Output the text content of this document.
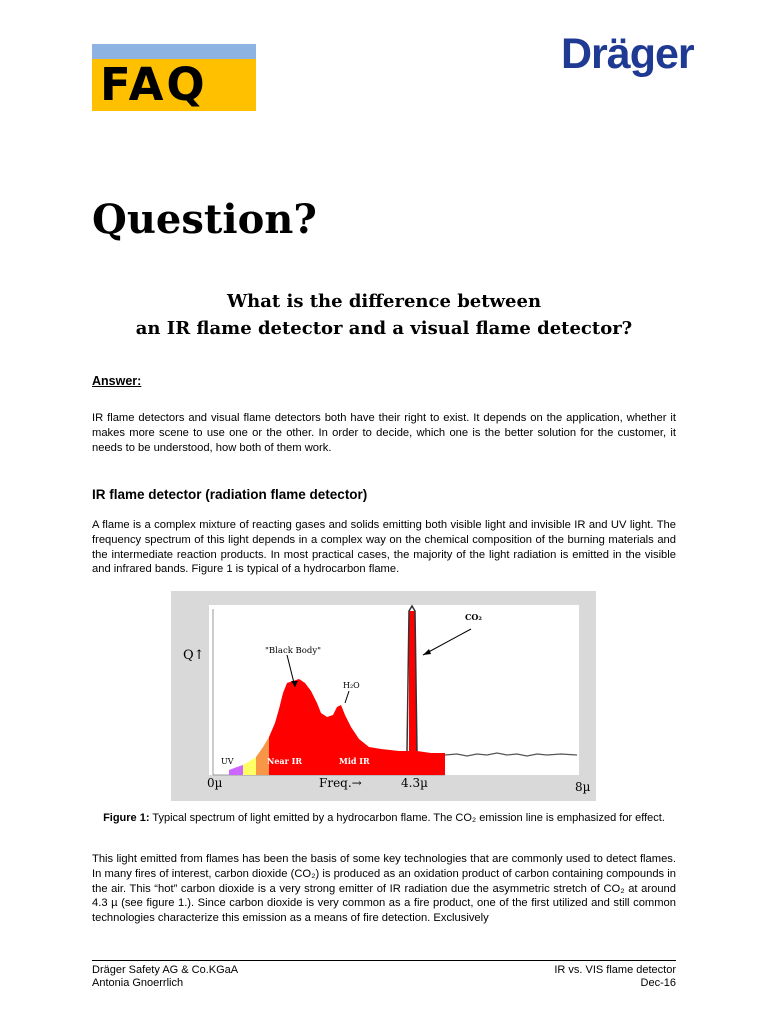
FAQ
Dräger
Question?
What is the difference between
an IR flame detector and a visual flame detector?
Answer:
IR flame detectors and visual flame detectors both have their right to exist. It depends on the application, whether it makes more scene to use one or the other. In order to decide, which one is the better solution for the customer, it needs to be understood, how both of them work.
IR flame detector (radiation flame detector)
A flame is a complex mixture of reacting gases and solids emitting both visible light and invisible IR and UV light. The frequency spectrum of this light depends in a complex way on the chemical composition of the burning materials and the intermediate reaction products. In most practical cases, the majority of the light radiation is emitted in the visible and infrared bands. Figure 1 is typical of a hydrocarbon flame.
Q↑	"Black Body"
H₂O
CO₂
UV	Near IR	Mid IR
0µ	Freq.→	4.3µ	8µ
Figure 1: Typical spectrum of light emitted by a hydrocarbon flame. The CO₂ emission line is emphasized for effect.
This light emitted from flames has been the basis of some key technologies that are commonly used to detect flames. In many fires of interest, carbon dioxide (CO₂) is produced as an oxidation product of carbon containing compounds in the air. This “hot” carbon dioxide is a very strong emitter of IR radiation due the asymmetric stretch of CO₂ at around 4.3 µ (see figure 1.). Since carbon dioxide is very common as a fire product, one of the first utilized and still common technologies characterize this emission as a means of fire detection. Exclusively
Dräger Safety AG & Co.KGaA
Antonia Gnoerrlich
IR vs. VIS flame detector
Dec-16
